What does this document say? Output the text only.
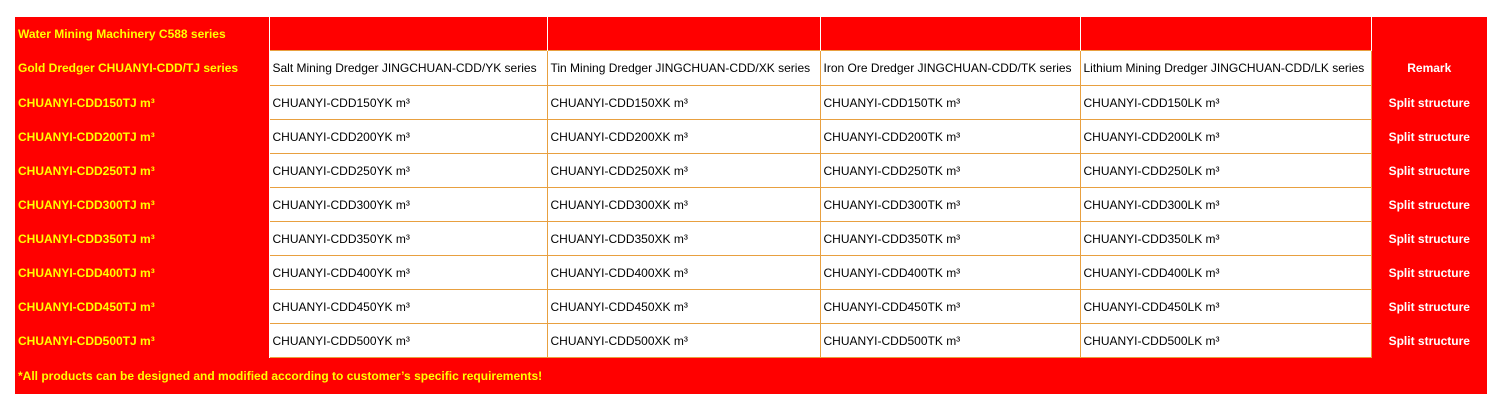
Water Mining Machinery C588 series					
Gold Dredger CHUANYI-CDD/TJ series	Salt Mining Dredger JINGCHUAN-CDD/YK series	Tin Mining Dredger JINGCHUAN-CDD/XK series	Iron Ore Dredger JINGCHUAN-CDD/TK series	Lithium Mining Dredger JINGCHUAN-CDD/LK series	Remark
CHUANYI-CDD150TJ m³	CHUANYI-CDD150YK m³	CHUANYI-CDD150XK m³	CHUANYI-CDD150TK m³	CHUANYI-CDD150LK m³	Split structure
CHUANYI-CDD200TJ m³	CHUANYI-CDD200YK m³	CHUANYI-CDD200XK m³	CHUANYI-CDD200TK m³	CHUANYI-CDD200LK m³	Split structure
CHUANYI-CDD250TJ m³	CHUANYI-CDD250YK m³	CHUANYI-CDD250XK m³	CHUANYI-CDD250TK m³	CHUANYI-CDD250LK m³	Split structure
CHUANYI-CDD300TJ m³	CHUANYI-CDD300YK m³	CHUANYI-CDD300XK m³	CHUANYI-CDD300TK m³	CHUANYI-CDD300LK m³	Split structure
CHUANYI-CDD350TJ m³	CHUANYI-CDD350YK m³	CHUANYI-CDD350XK m³	CHUANYI-CDD350TK m³	CHUANYI-CDD350LK m³	Split structure
CHUANYI-CDD400TJ m³	CHUANYI-CDD400YK m³	CHUANYI-CDD400XK m³	CHUANYI-CDD400TK m³	CHUANYI-CDD400LK m³	Split structure
CHUANYI-CDD450TJ m³	CHUANYI-CDD450YK m³	CHUANYI-CDD450XK m³	CHUANYI-CDD450TK m³	CHUANYI-CDD450LK m³	Split structure
CHUANYI-CDD500TJ m³	CHUANYI-CDD500YK m³	CHUANYI-CDD500XK m³	CHUANYI-CDD500TK m³	CHUANYI-CDD500LK m³	Split structure
*All products can be designed and modified according to customer’s specific requirements!					
